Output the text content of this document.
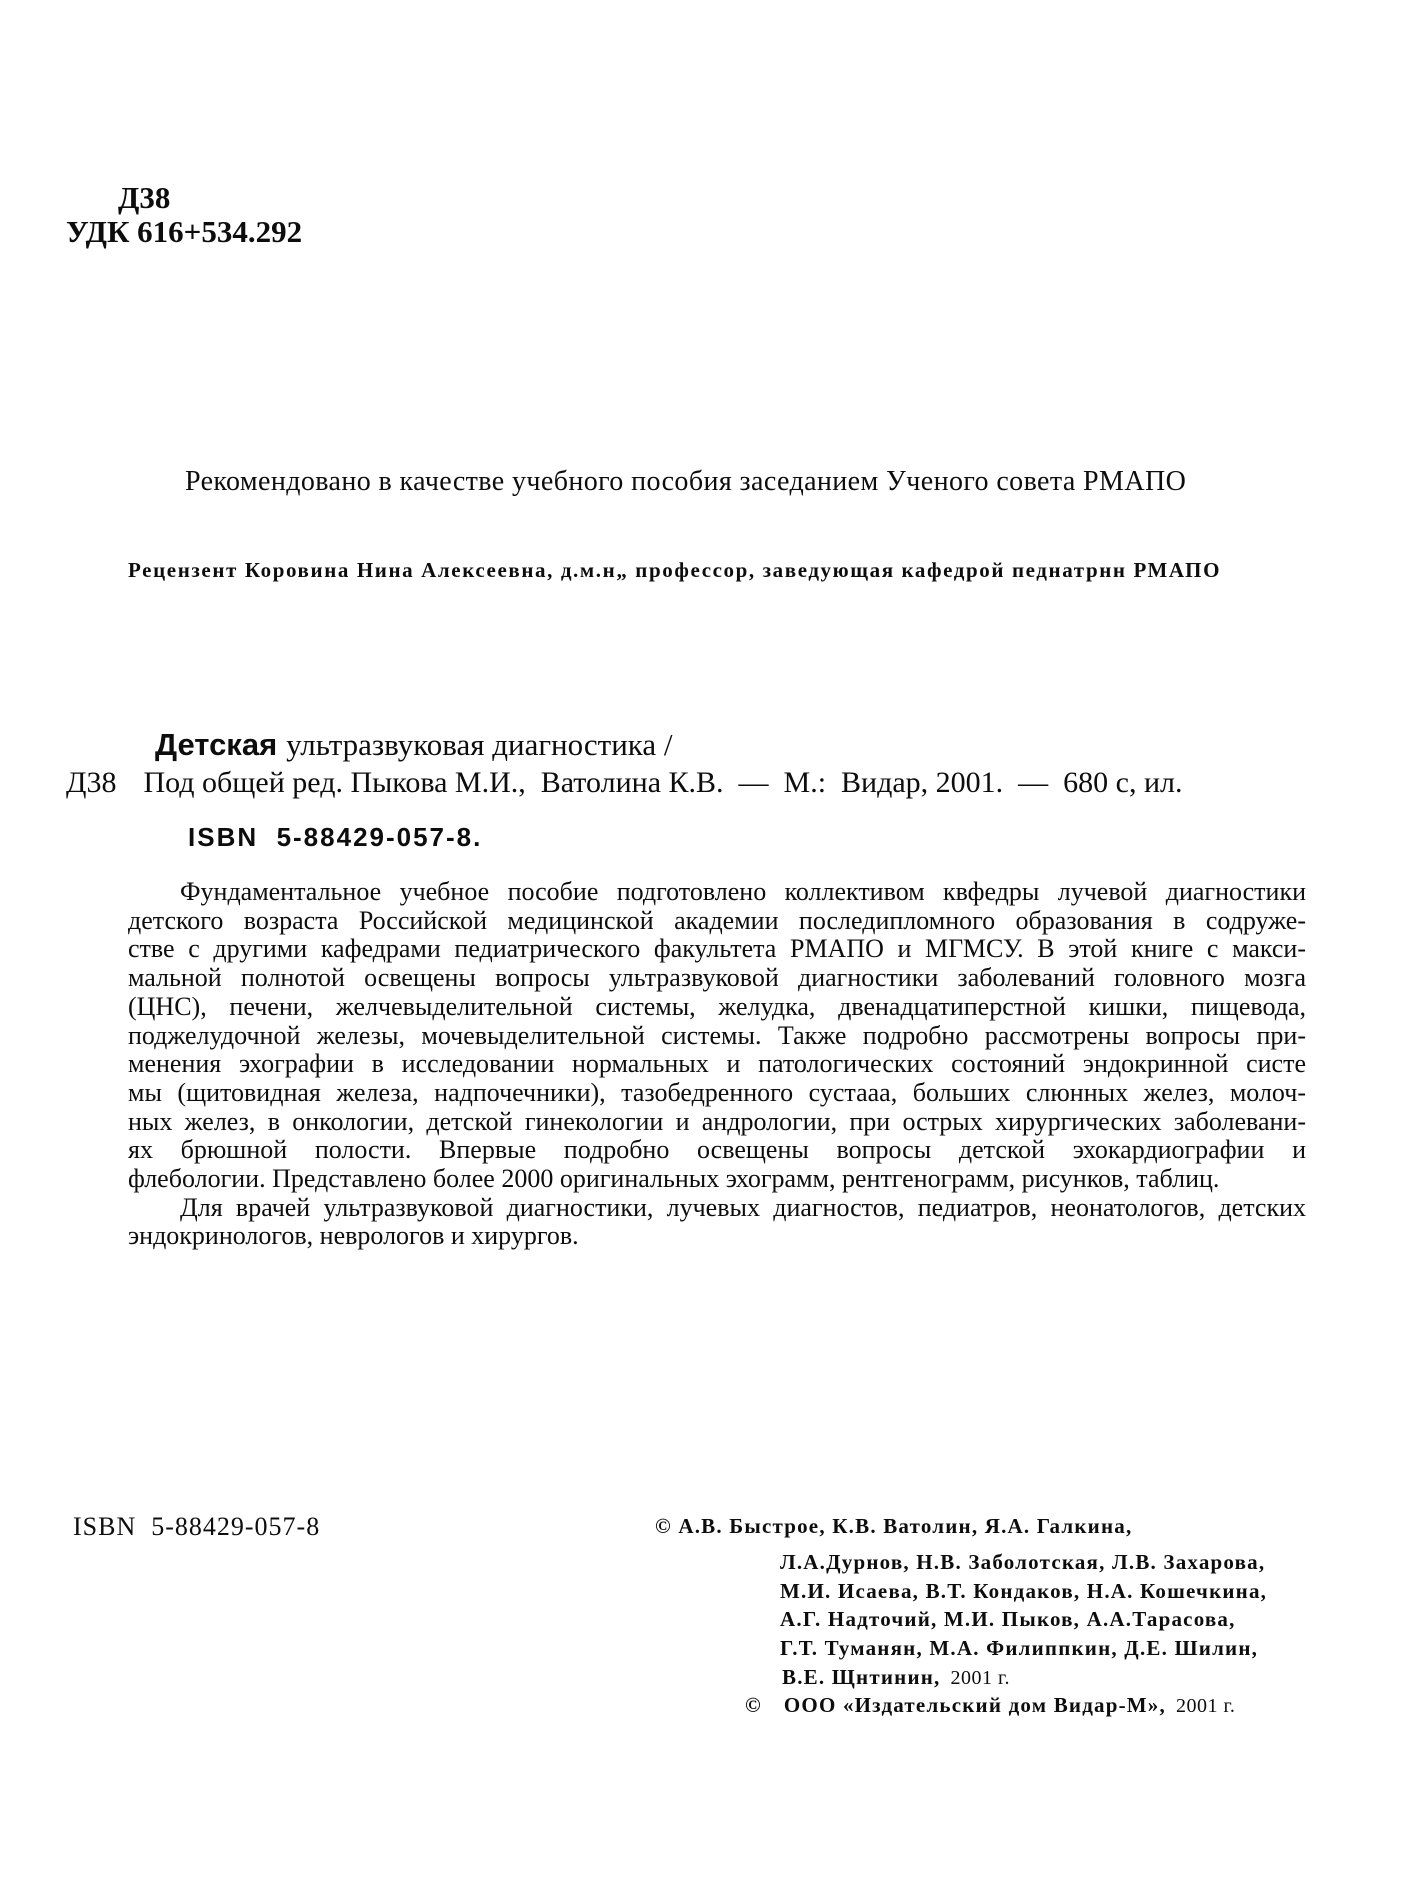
Д38
УДК 616+534.292
Рекомендовано в качестве учебного пособия заседанием Ученого совета РМАПО
Рецензент Коровина Нина Алексеевна, д.м.н„ профессор, заведующая кафедрой педнатрнн РМАПО
Детская ультразвуковая диагностика /
Д38 Под общей ред. Пыкова М.И.,  Ватолина К.В.  —  М.:  Видар, 2001.  —  680 с, ил.
ISBN  5-88429-057-8.
Фундаментальное учебное пособие подготовлено коллективом квфедры лучевой диагностики
детского возраста Российской медицинской академии последипломного образования в содруже-
стве с другими кафедрами педиатрического факультета РМАПО и МГМСУ. В этой книге с макси-
мальной полнотой освещены вопросы ультразвуковой диагностики заболеваний головного мозга
(ЦНС), печени, желчевыделительной системы, желудка, двенадцатиперстной кишки, пищевода,
поджелудочной железы, мочевыделительной системы. Также подробно рассмотрены вопросы при-
менения эхографии в исследовании нормальных и патологических состояний эндокринной систе
мы (щитовидная железа, надпочечники), тазобедренного сустааа, больших слюнных желез, молоч-
ных желез, в онкологии, детской гинекологии и андрологии, при острых хирургических заболевани-
ях брюшной полости. Впервые подробно освещены вопросы детской эхокардиографии и
флебологии. Представлено более 2000 оригинальных эхограмм, рентгенограмм, рисунков, таблиц.
Для врачей ультразвуковой диагностики, лучевых диагностов, педиатров, неонатологов, детских
эндокринологов, неврологов и хирургов.
ISBN  5-88429-057-8	© А.В. Быстрое, К.В. Ватолин, Я.А. Галкина,
Л.А.Дурнов, Н.В. Заболотская, Л.В. Захарова,
М.И. Исаева, В.Т. Кондаков, Н.А. Кошечкина,
А.Г. Надточий, М.И. Пыков, А.А.Тарасова,
Г.Т. Туманян, М.А. Филиппкин, Д.Е. Шилин,
В.Е. Щнтинин, 2001 г.
© ООО «Издательский дом Видар-М», 2001 г.
